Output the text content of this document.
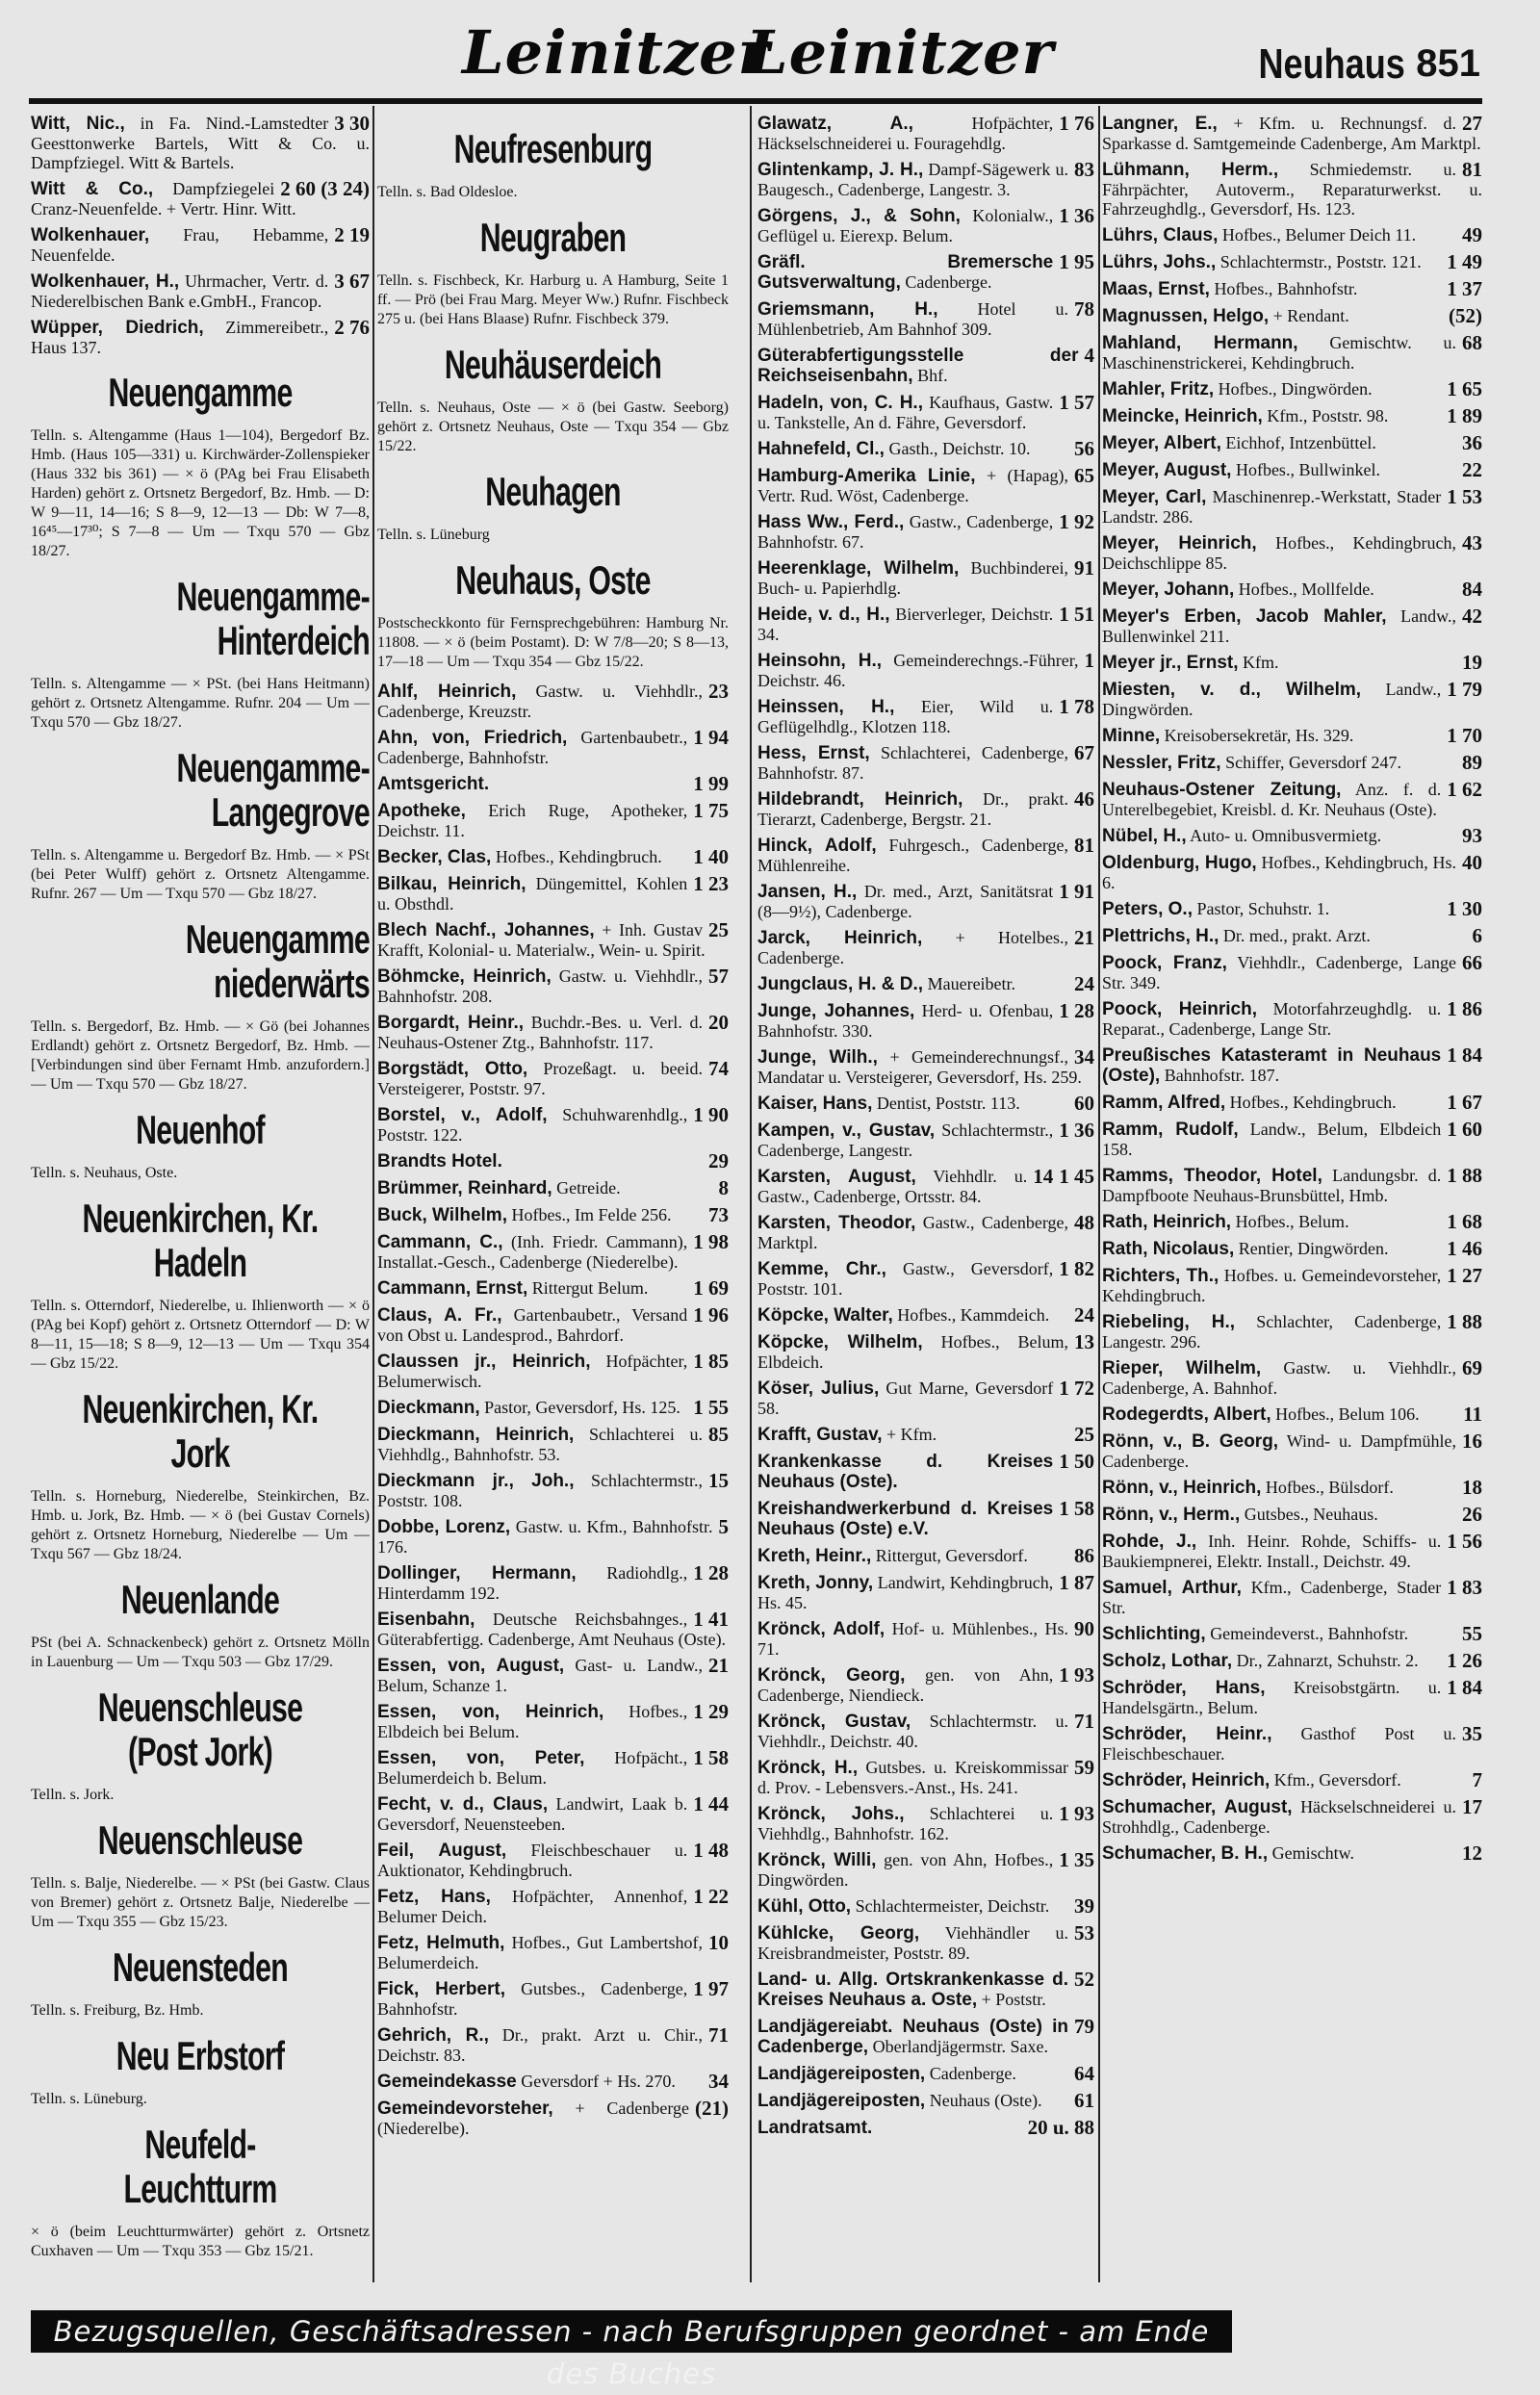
Leinitzer
Leinitzer	Neuhaus 851
3 30
Witt, Nic., in Fa. Nind.-Lamstedter Geesttonwerke Bartels, Witt & Co. u. Dampfziegel. Witt & Bartels.
2 60 (3 24)
Witt & Co., Dampfziegelei Cranz-Neuenfelde. + Vertr. Hinr. Witt.
2 19
Wolkenhauer, Frau, Hebamme, Neuenfelde.
3 67
Wolkenhauer, H., Uhrmacher, Vertr. d. Niederelbischen Bank e.GmbH., Francop.
2 76
Wüpper, Diedrich, Zimmereibetr., Haus 137.
Neuengamme
Telln. s. Altengamme (Haus 1—104), Bergedorf Bz. Hmb. (Haus 105—331) u. Kirchwärder-Zollenspieker (Haus 332 bis 361) — × ö (PAg bei Frau Elisabeth Harden) gehört z. Ortsnetz Bergedorf, Bz. Hmb. — D: W 9—11, 14—16; S 8—9, 12—13 — Db: W 7—8, 16⁴⁵—17³⁰; S 7—8 — Um — Txqu 570 — Gbz 18/27.
Neuengamme-Hinterdeich
Telln. s. Altengamme — × PSt. (bei Hans Heitmann) gehört z. Ortsnetz Altengamme. Rufnr. 204 — Um — Txqu 570 — Gbz 18/27.
Neuengamme-Langegrove
Telln. s. Altengamme u. Bergedorf Bz. Hmb. — × PSt (bei Peter Wulff) gehört z. Ortsnetz Altengamme. Rufnr. 267 — Um — Txqu 570 — Gbz 18/27.
Neuengamme niederwärts
Telln. s. Bergedorf, Bz. Hmb. — × Gö (bei Johannes Erdlandt) gehört z. Ortsnetz Bergedorf, Bz. Hmb. — [Verbindungen sind über Fernamt Hmb. anzufordern.] — Um — Txqu 570 — Gbz 18/27.
Neuenhof
Telln. s. Neuhaus, Oste.
Neuenkirchen, Kr. Hadeln
Telln. s. Otterndorf, Niederelbe, u. Ihlienworth — × ö (PAg bei Kopf) gehört z. Ortsnetz Otterndorf — D: W 8—11, 15—18; S 8—9, 12—13 — Um — Txqu 354 — Gbz 15/22.
Neuenkirchen, Kr. Jork
Telln. s. Horneburg, Niederelbe, Steinkirchen, Bz. Hmb. u. Jork, Bz. Hmb. — × ö (bei Gustav Cornels) gehört z. Ortsnetz Horneburg, Niederelbe — Um — Txqu 567 — Gbz 18/24.
Neuenlande
PSt (bei A. Schnackenbeck) gehört z. Ortsnetz Mölln in Lauenburg — Um — Txqu 503 — Gbz 17/29.
Neuenschleuse (Post Jork)
Telln. s. Jork.
Neuenschleuse
Telln. s. Balje, Niederelbe. — × PSt (bei Gastw. Claus von Bremer) gehört z. Ortsnetz Balje, Niederelbe — Um — Txqu 355 — Gbz 15/23.
Neuensteden
Telln. s. Freiburg, Bz. Hmb.
Neu Erbstorf
Telln. s. Lüneburg.
Neufeld-Leuchtturm
× ö (beim Leuchtturmwärter) gehört z. Ortsnetz Cuxhaven — Um — Txqu 353 — Gbz 15/21.
Neufresenburg
Telln. s. Bad Oldesloe.
Neugraben
Telln. s. Fischbeck, Kr. Harburg u. A Hamburg, Seite 1 ff. — Prö (bei Frau Marg. Meyer Ww.) Rufnr. Fischbeck 275 u. (bei Hans Blaase) Rufnr. Fischbeck 379.
Neuhäuserdeich
Telln. s. Neuhaus, Oste — × ö (bei Gastw. Seeborg) gehört z. Ortsnetz Neuhaus, Oste — Txqu 354 — Gbz 15/22.
Neuhagen
Telln. s. Lüneburg
Neuhaus, Oste
Postscheckkonto für Fernsprechgebühren: Hamburg Nr. 11808. — × ö (beim Postamt). D: W 7/8—20; S 8—13, 17—18 — Um — Txqu 354 — Gbz 15/22.
23
Ahlf, Heinrich, Gastw. u. Viehhdlr., Cadenberge, Kreuzstr.
1 94
Ahn, von, Friedrich, Gartenbaubetr., Cadenberge, Bahnhofstr.
1 99
Amtsgericht.
1 75
Apotheke, Erich Ruge, Apotheker, Deichstr. 11.
1 40
Becker, Clas, Hofbes., Kehdingbruch.
1 23
Bilkau, Heinrich, Düngemittel, Kohlen u. Obsthdl.
25
Blech Nachf., Johannes, + Inh. Gustav Krafft, Kolonial- u. Materialw., Wein- u. Spirit.
57
Böhmcke, Heinrich, Gastw. u. Viehhdlr., Bahnhofstr. 208.
20
Borgardt, Heinr., Buchdr.-Bes. u. Verl. d. Neuhaus-Ostener Ztg., Bahnhofstr. 117.
74
Borgstädt, Otto, Prozeßagt. u. beeid. Versteigerer, Poststr. 97.
1 90
Borstel, v., Adolf, Schuhwarenhdlg., Poststr. 122.
29
Brandts Hotel.
8
Brümmer, Reinhard, Getreide.
73
Buck, Wilhelm, Hofbes., Im Felde 256.
1 98
Cammann, C., (Inh. Friedr. Cammann), Installat.-Gesch., Cadenberge (Niederelbe).
1 69
Cammann, Ernst, Rittergut Belum.
1 96
Claus, A. Fr., Gartenbaubetr., Versand von Obst u. Landesprod., Bahrdorf.
1 85
Claussen jr., Heinrich, Hofpächter, Belumerwisch.
1 55
Dieckmann, Pastor, Geversdorf, Hs. 125.
85
Dieckmann, Heinrich, Schlachterei u. Viehhdlg., Bahnhofstr. 53.
15
Dieckmann jr., Joh., Schlachtermstr., Poststr. 108.
5
Dobbe, Lorenz, Gastw. u. Kfm., Bahnhofstr. 176.
1 28
Dollinger, Hermann, Radiohdlg., Hinterdamm 192.
1 41
Eisenbahn, Deutsche Reichsbahnges., Güterabfertigg. Cadenberge, Amt Neuhaus (Oste).
21
Essen, von, August, Gast- u. Landw., Belum, Schanze 1.
1 29
Essen, von, Heinrich, Hofbes., Elbdeich bei Belum.
1 58
Essen, von, Peter, Hofpächt., Belumerdeich b. Belum.
1 44
Fecht, v. d., Claus, Landwirt, Laak b. Geversdorf, Neuensteeben.
1 48
Feil, August, Fleischbeschauer u. Auktionator, Kehdingbruch.
1 22
Fetz, Hans, Hofpächter, Annenhof, Belumer Deich.
10
Fetz, Helmuth, Hofbes., Gut Lambertshof, Belumerdeich.
1 97
Fick, Herbert, Gutsbes., Cadenberge, Bahnhofstr.
71
Gehrich, R., Dr., prakt. Arzt u. Chir., Deichstr. 83.
34
Gemeindekasse Geversdorf + Hs. 270.
(21)
Gemeindevorsteher, + Cadenberge (Niederelbe).
1 76
Glawatz, A.,	Hofpächter, Häckselschneiderei u. Fouragehdlg.
83
Glintenkamp, J. H., Dampf-Sägewerk u. Baugesch., Cadenberge, Langestr. 3.
1 36
Görgens, J., & Sohn, Kolonialw., Geflügel u. Eierexp. Belum.
1 95
Gräfl. Bremersche Gutsverwaltung, Cadenberge.
78
Griemsmann, H., Hotel u. Mühlenbetrieb, Am Bahnhof 309.
4
Güterabfertigungsstelle der Reichseisenbahn, Bhf.
1 57
Hadeln, von, C. H., Kaufhaus, Gastw. u. Tankstelle, An d. Fähre, Geversdorf.
56
Hahnefeld, Cl., Gasth., Deichstr. 10.
65
Hamburg-Amerika Linie, + (Hapag), Vertr. Rud. Wöst, Cadenberge.
1 92
Hass Ww., Ferd., Gastw., Cadenberge, Bahnhofstr. 67.
91
Heerenklage, Wilhelm, Buchbinderei, Buch- u. Papierhdlg.
1 51
Heide, v. d., H., Bierverleger, Deichstr. 34.
1
Heinsohn, H., Gemeinderechngs.-Führer, Deichstr. 46.
1 78
Heinssen, H., Eier, Wild u. Geflügelhdlg., Klotzen 118.
67
Hess, Ernst, Schlachterei, Cadenberge, Bahnhofstr. 87.
46
Hildebrandt, Heinrich, Dr., prakt. Tierarzt, Cadenberge, Bergstr. 21.
81
Hinck, Adolf, Fuhrgesch., Cadenberge, Mühlenreihe.
1 91
Jansen, H., Dr. med., Arzt, Sanitätsrat (8—9½), Cadenberge.
21
Jarck, Heinrich, + Hotelbes., Cadenberge.
24
Jungclaus, H. & D., Mauereibetr.
1 28
Junge, Johannes, Herd- u. Ofenbau, Bahnhofstr. 330.
34
Junge, Wilh., + Gemeinderechnungsf., Mandatar u. Versteigerer, Geversdorf, Hs. 259.
60
Kaiser, Hans, Dentist, Poststr. 113.
1 36
Kampen, v., Gustav, Schlachtermstr., Cadenberge, Langestr.
1 45
14
Karsten, August, Viehhdlr. u. Gastw., Cadenberge, Ortsstr. 84.
48
Karsten, Theodor, Gastw., Cadenberge, Marktpl.
1 82
Kemme, Chr., Gastw., Geversdorf, Poststr. 101.
24
Köpcke, Walter, Hofbes., Kammdeich.
13
Köpcke, Wilhelm, Hofbes., Belum, Elbdeich.
1 72
Köser, Julius, Gut Marne, Geversdorf 58.
25
Krafft, Gustav, + Kfm.
1 50
Krankenkasse d. Kreises Neuhaus (Oste).
1 58
Kreishandwerkerbund d. Kreises Neuhaus (Oste) e.V.
86
Kreth, Heinr., Rittergut, Geversdorf.
1 87
Kreth, Jonny, Landwirt, Kehdingbruch, Hs. 45.
90
Krönck, Adolf, Hof- u. Mühlenbes., Hs. 71.
1 93
Krönck, Georg, gen. von Ahn, Cadenberge, Niendieck.
71
Krönck, Gustav, Schlachtermstr. u. Viehhdlr., Deichstr. 40.
59
Krönck, H., Gutsbes. u. Kreiskommissar d. Prov. - Lebensvers.-Anst., Hs. 241.
1 93
Krönck, Johs., Schlachterei u. Viehhdlg., Bahnhofstr. 162.
1 35
Krönck, Willi, gen. von Ahn, Hofbes., Dingwörden.
39
Kühl, Otto, Schlachtermeister, Deichstr.
53
Kühlcke, Georg, Viehhändler u. Kreisbrandmeister, Poststr. 89.
52
Land- u. Allg. Ortskrankenkasse d. Kreises Neuhaus a. Oste, + Poststr.
79
Landjägereiabt. Neuhaus (Oste) in Cadenberge, Oberlandjägermstr. Saxe.
64
Landjägereiposten, Cadenberge.
61
Landjägereiposten, Neuhaus (Oste).
20 u. 88
Landratsamt.
27
Langner, E., + Kfm. u. Rechnungsf. d. Sparkasse d. Samtgemeinde Cadenberge, Am Marktpl.
81
Lühmann, Herm., Schmiedemstr. u. Fährpächter, Autoverm., Reparaturwerkst. u. Fahrzeughdlg., Geversdorf, Hs. 123.
49
Lührs, Claus, Hofbes., Belumer Deich 11.
1 49
Lührs, Johs., Schlachtermstr., Poststr. 121.
1 37
Maas, Ernst, Hofbes., Bahnhofstr.
(52)
Magnussen, Helgo, + Rendant.
68
Mahland, Hermann, Gemischtw. u. Maschinenstrickerei, Kehdingbruch.
1 65
Mahler, Fritz, Hofbes., Dingwörden.
1 89
Meincke, Heinrich, Kfm., Poststr. 98.
36
Meyer, Albert, Eichhof, Intzenbüttel.
22
Meyer, August, Hofbes., Bullwinkel.
1 53
Meyer, Carl, Maschinenrep.-Werkstatt, Stader Landstr. 286.
43
Meyer, Heinrich, Hofbes., Kehdingbruch, Deichschlippe 85.
84
Meyer, Johann, Hofbes., Mollfelde.
42
Meyer's Erben, Jacob Mahler, Landw., Bullenwinkel 211.
19
Meyer jr., Ernst, Kfm.
1 79
Miesten, v. d., Wilhelm, Landw., Dingwörden.
1 70
Minne, Kreisobersekretär, Hs. 329.
89
Nessler, Fritz, Schiffer, Geversdorf 247.
1 62
Neuhaus-Ostener Zeitung, Anz. f. d. Unterelbegebiet, Kreisbl. d. Kr. Neuhaus (Oste).
93
Nübel, H., Auto- u. Omnibusvermietg.
40
Oldenburg, Hugo, Hofbes., Kehdingbruch, Hs. 6.
1 30
Peters, O., Pastor, Schuhstr. 1.
6
Plettrichs, H., Dr. med., prakt. Arzt.
66
Poock, Franz, Viehhdlr., Cadenberge, Lange Str. 349.
1 86
Poock, Heinrich, Motorfahrzeughdlg. u. Reparat., Cadenberge, Lange Str.
1 84
Preußisches Katasteramt in Neuhaus (Oste), Bahnhofstr. 187.
1 67
Ramm, Alfred, Hofbes., Kehdingbruch.
1 60
Ramm, Rudolf, Landw., Belum, Elbdeich 158.
1 88
Ramms, Theodor, Hotel, Landungsbr. d. Dampfboote Neuhaus-Brunsbüttel, Hmb.
1 68
Rath, Heinrich, Hofbes., Belum.
1 46
Rath, Nicolaus, Rentier, Dingwörden.
1 27
Richters, Th., Hofbes. u. Gemeindevorsteher, Kehdingbruch.
1 88
Riebeling, H., Schlachter, Cadenberge, Langestr. 296.
69
Rieper, Wilhelm, Gastw. u. Viehhdlr., Cadenberge, A. Bahnhof.
11
Rodegerdts, Albert, Hofbes., Belum 106.
16
Rönn, v., B. Georg, Wind- u. Dampfmühle, Cadenberge.
18
Rönn, v., Heinrich, Hofbes., Bülsdorf.
26
Rönn, v., Herm., Gutsbes., Neuhaus.
1 56
Rohde, J., Inh. Heinr. Rohde, Schiffs- u. Baukiempnerei, Elektr. Install., Deichstr. 49.
1 83
Samuel, Arthur, Kfm., Cadenberge, Stader Str.
55
Schlichting, Gemeindeverst., Bahnhofstr.
1 26
Scholz, Lothar, Dr., Zahnarzt, Schuhstr. 2.
1 84
Schröder, Hans, Kreisobstgärtn. u. Handelsgärtn., Belum.
35
Schröder, Heinr., Gasthof Post u. Fleischbeschauer.
7
Schröder, Heinrich, Kfm., Geversdorf.
17
Schumacher, August, Häckselschneiderei u. Strohhdlg., Cadenberge.
12
Schumacher, B. H., Gemischtw.
Bezugsquellen, Geschäftsadressen - nach Berufsgruppen geordnet - am Ende des Buches
